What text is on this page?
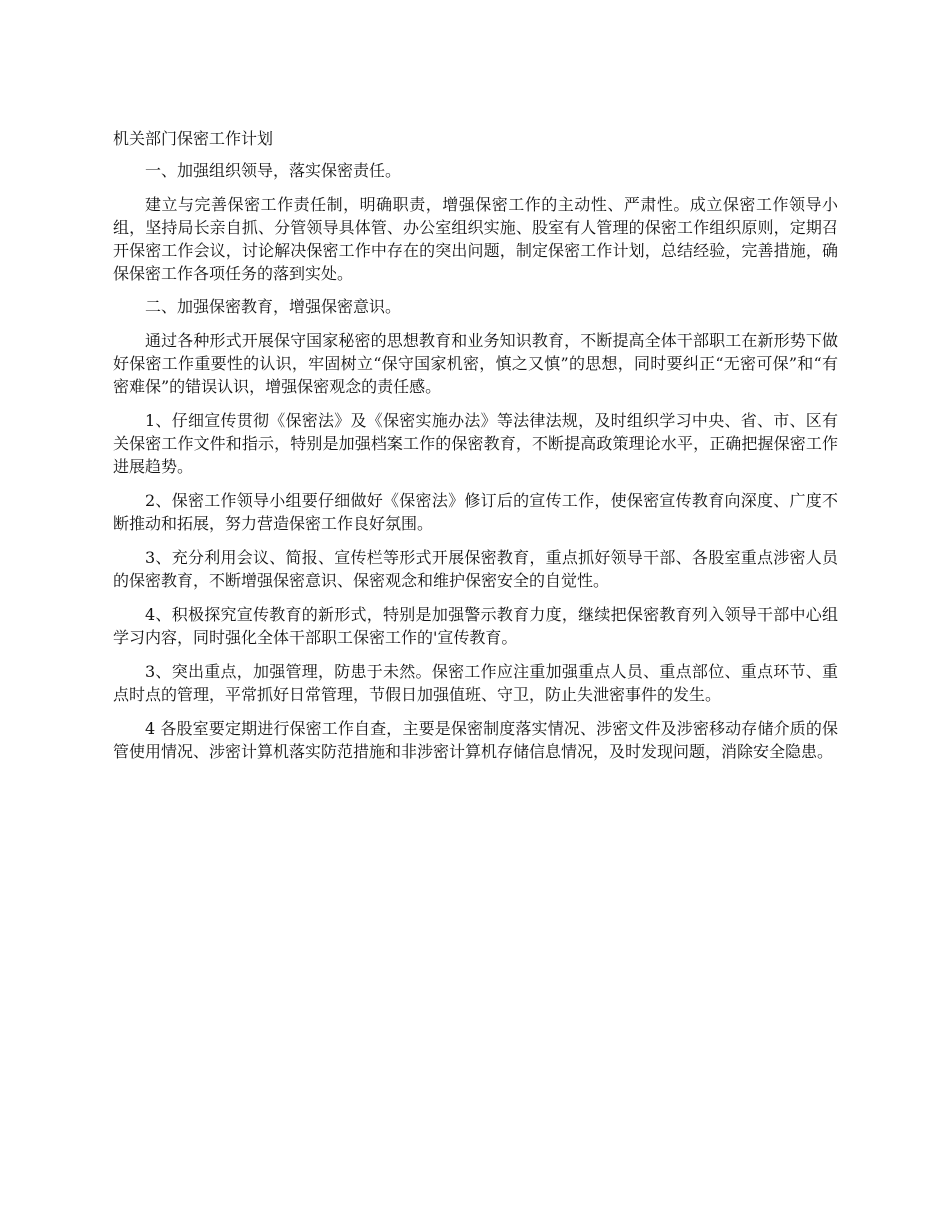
机关部门保密工作计划
一、加强组织领导，落实保密责任。
建立与完善保密工作责任制，明确职责，增强保密工作的主动性、严肃性。成立保密工作领导小组，坚持局长亲自抓、分管领导具体管、办公室组织实施、股室有人管理的保密工作组织原则，定期召开保密工作会议，讨论解决保密工作中存在的突出问题，制定保密工作计划，总结经验，完善措施，确保保密工作各项任务的落到实处。
二、加强保密教育，增强保密意识。
通过各种形式开展保守国家秘密的思想教育和业务知识教育，不断提高全体干部职工在新形势下做好保密工作重要性的认识，牢固树立“保守国家机密，慎之又慎”的思想，同时要纠正“无密可保”和“有密难保”的错误认识，增强保密观念的责任感。
1、仔细宣传贯彻《保密法》及《保密实施办法》等法律法规，及时组织学习中央、省、市、区有关保密工作文件和指示，特别是加强档案工作的保密教育，不断提高政策理论水平，正确把握保密工作进展趋势。
2、保密工作领导小组要仔细做好《保密法》修订后的宣传工作，使保密宣传教育向深度、广度不断推动和拓展，努力营造保密工作良好氛围。
3、充分利用会议、简报、宣传栏等形式开展保密教育，重点抓好领导干部、各股室重点涉密人员的保密教育，不断增强保密意识、保密观念和维护保密安全的自觉性。
4、积极探究宣传教育的新形式，特别是加强警示教育力度，继续把保密教育列入领导干部中心组学习内容，同时强化全体干部职工保密工作的'宣传教育。
3、突出重点，加强管理，防患于未然。保密工作应注重加强重点人员、重点部位、重点环节、重点时点的管理，平常抓好日常管理，节假日加强值班、守卫，防止失泄密事件的发生。
4 各股室要定期进行保密工作自查，主要是保密制度落实情况、涉密文件及涉密移动存储介质的保管使用情况、涉密计算机落实防范措施和非涉密计算机存储信息情况，及时发现问题，消除安全隐患。
